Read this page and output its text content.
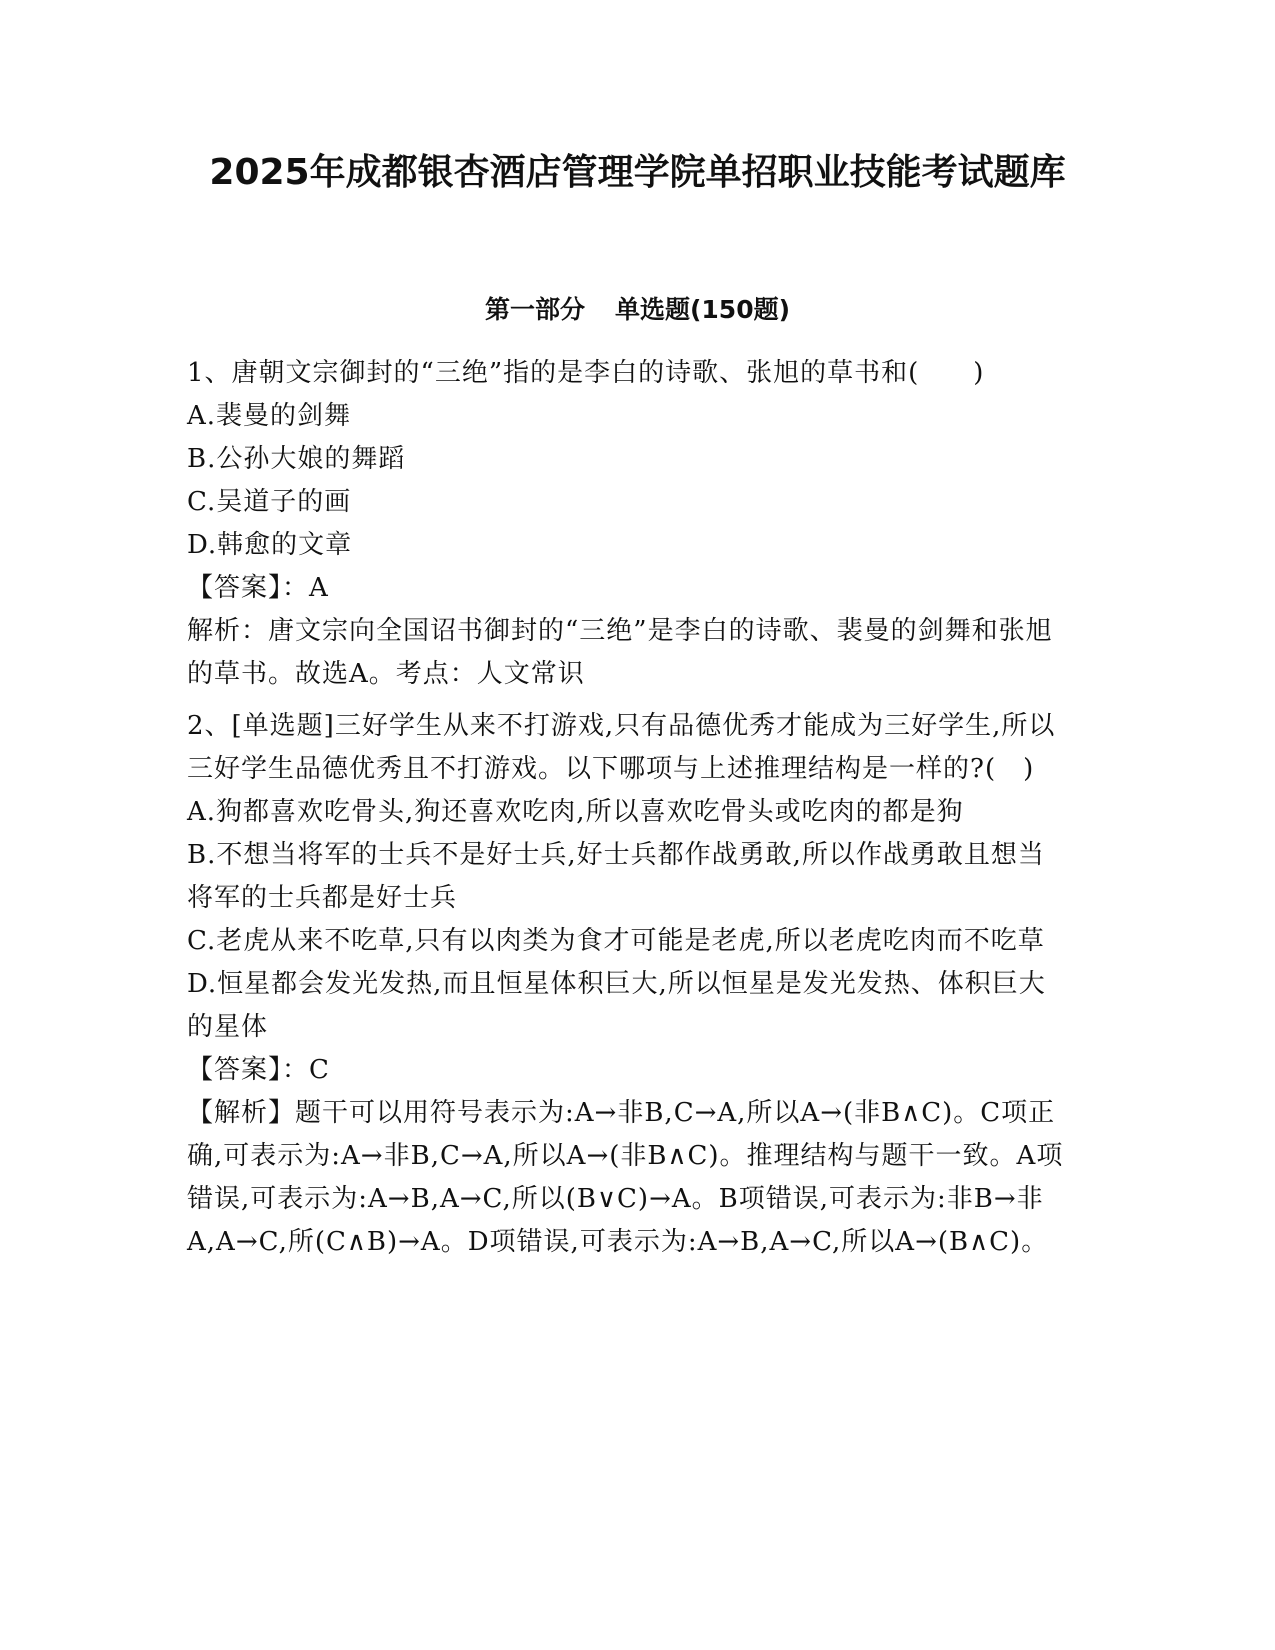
2025年成都银杏酒店管理学院单招职业技能考试题库
第一部分 单选题(150题)

1、唐朝文宗御封的“三绝”指的是李白的诗歌、张旭的草书和(　　)

A.裴曼的剑舞

B.公孙大娘的舞蹈

C.吴道子的画

D.韩愈的文章

【答案】：A

解析：唐文宗向全国诏书御封的“三绝”是李白的诗歌、裴曼的剑舞和张旭的草书。故选A。考点：人文常识

2、[单选题]三好学生从来不打游戏,只有品德优秀才能成为三好学生,所以三好学生品德优秀且不打游戏。以下哪项与上述推理结构是一样的?(　)

A.狗都喜欢吃骨头,狗还喜欢吃肉,所以喜欢吃骨头或吃肉的都是狗

B.不想当将军的士兵不是好士兵,好士兵都作战勇敢,所以作战勇敢且想当将军的士兵都是好士兵

C.老虎从来不吃草,只有以肉类为食才可能是老虎,所以老虎吃肉而不吃草

D.恒星都会发光发热,而且恒星体积巨大,所以恒星是发光发热、体积巨大的星体

【答案】：C

【解析】题干可以用符号表示为:A→非B,C→A,所以A→(非B∧C)。C项正确,可表示为:A→非B,C→A,所以A→(非B∧C)。推理结构与题干一致。A项错误,可表示为:A→B,A→C,所以(B∨C)→A。B项错误,可表示为:非B→非A,A→C,所(C∧B)→A。D项错误,可表示为:A→B,A→C,所以A→(B∧C)。
